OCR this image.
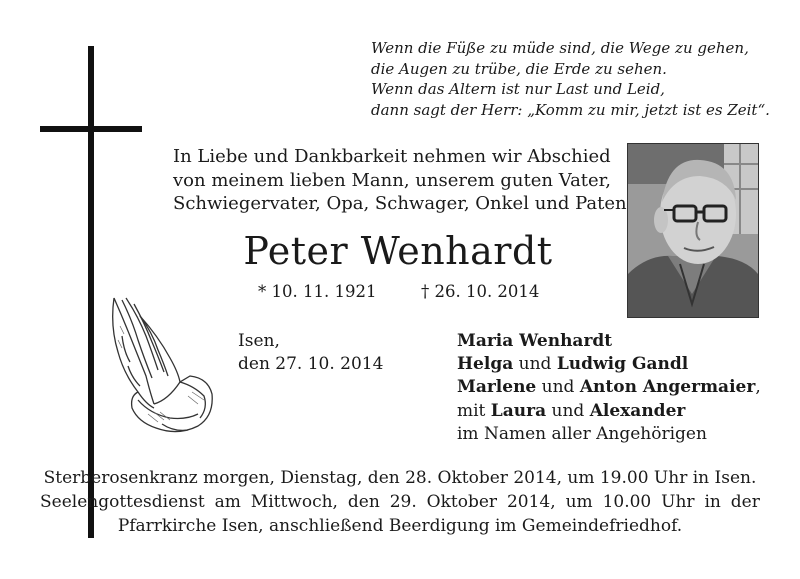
Wenn die Füße zu müde sind, die Wege zu gehen,
die Augen zu trübe, die Erde zu sehen.
Wenn das Altern ist nur Last und Leid,
dann sagt der Herr: „Komm zu mir, jetzt ist es Zeit“.
In Liebe und Dankbarkeit nehmen wir Abschied
von meinem lieben Mann, unserem guten Vater,
Schwiegervater, Opa, Schwager, Onkel und Paten
Peter Wenhardt
* 10. 11. 1921	† 26. 10. 2014
Isen,
den 27. 10. 2014
Maria Wenhardt
Helga und Ludwig Gandl
Marlene und Anton Angermaier,
mit Laura und Alexander
im Namen aller Angehörigen
Sterberosenkranz morgen, Dienstag, den 28. Oktober 2014, um 19.00 Uhr in Isen.
Seelengottesdienst am Mittwoch, den 29. Oktober 2014, um 10.00 Uhr in der
Pfarrkirche Isen, anschließend Beerdigung im Gemeindefriedhof.
